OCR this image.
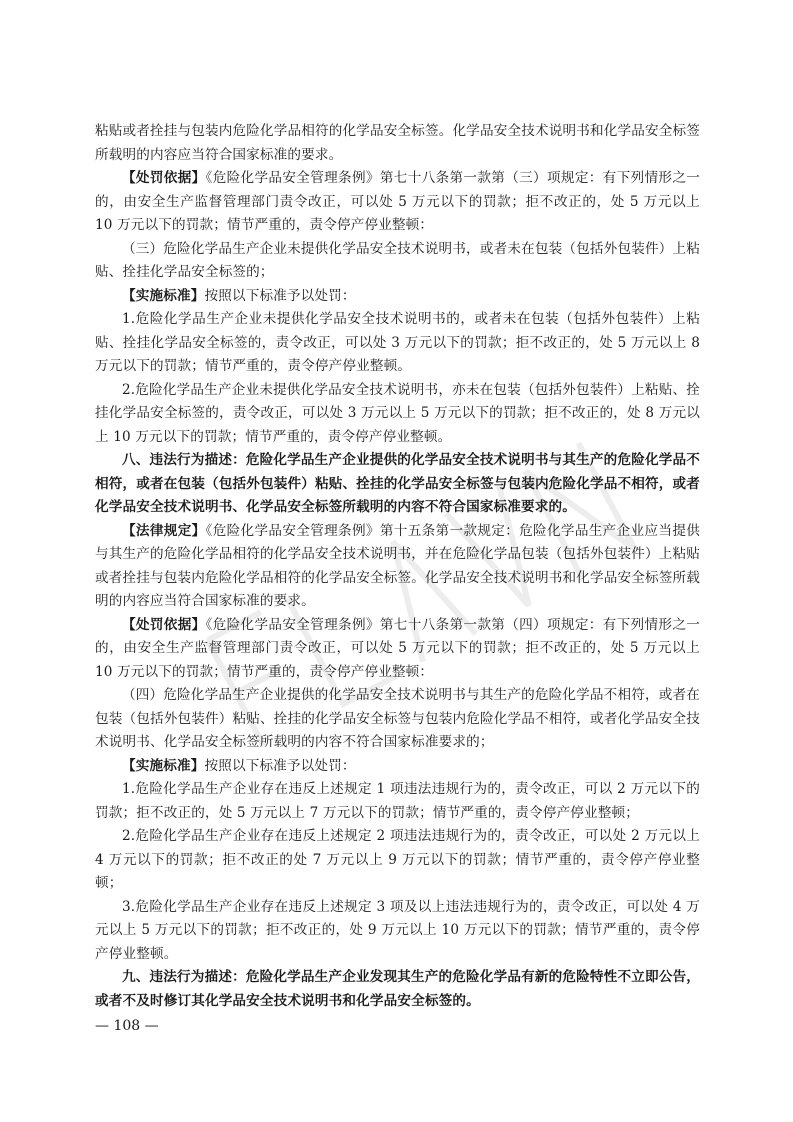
粘贴或者拴挂与包装内危险化学品相符的化学品安全标签。化学品安全技术说明书和化学品安全标签所载明的内容应当符合国家标准的要求。

【处罚依据】《危险化学品安全管理条例》第七十八条第一款第（三）项规定：有下列情形之一的，由安全生产监督管理部门责令改正，可以处 5 万元以下的罚款；拒不改正的，处 5 万元以上 10 万元以下的罚款；情节严重的，责令停产停业整顿：

（三）危险化学品生产企业未提供化学品安全技术说明书，或者未在包装（包括外包装件）上粘贴、拴挂化学品安全标签的；

【实施标准】按照以下标准予以处罚：

1.危险化学品生产企业未提供化学品安全技术说明书的，或者未在包装（包括外包装件）上粘贴、拴挂化学品安全标签的，责令改正，可以处 3 万元以下的罚款；拒不改正的，处 5 万元以上 8 万元以下的罚款；情节严重的，责令停产停业整顿。

2.危险化学品生产企业未提供化学品安全技术说明书，亦未在包装（包括外包装件）上粘贴、拴挂化学品安全标签的，责令改正，可以处 3 万元以上 5 万元以下的罚款；拒不改正的，处 8 万元以上 10 万元以下的罚款；情节严重的，责令停产停业整顿。

八、违法行为描述：危险化学品生产企业提供的化学品安全技术说明书与其生产的危险化学品不相符，或者在包装（包括外包装件）粘贴、拴挂的化学品安全标签与包装内危险化学品不相符，或者化学品安全技术说明书、化学品安全标签所载明的内容不符合国家标准要求的。

【法律规定】《危险化学品安全管理条例》第十五条第一款规定：危险化学品生产企业应当提供与其生产的危险化学品相符的化学品安全技术说明书，并在危险化学品包装（包括外包装件）上粘贴或者拴挂与包装内危险化学品相符的化学品安全标签。化学品安全技术说明书和化学品安全标签所载明的内容应当符合国家标准的要求。

【处罚依据】《危险化学品安全管理条例》第七十八条第一款第（四）项规定：有下列情形之一的，由安全生产监督管理部门责令改正，可以处 5 万元以下的罚款；拒不改正的，处 5 万元以上 10 万元以下的罚款；情节严重的，责令停产停业整顿：

（四）危险化学品生产企业提供的化学品安全技术说明书与其生产的危险化学品不相符，或者在包装（包括外包装件）粘贴、拴挂的化学品安全标签与包装内危险化学品不相符，或者化学品安全技术说明书、化学品安全标签所载明的内容不符合国家标准要求的；

【实施标准】按照以下标准予以处罚：

1.危险化学品生产企业存在违反上述规定 1 项违法违规行为的，责令改正，可以 2 万元以下的罚款；拒不改正的，处 5 万元以上 7 万元以下的罚款；情节严重的，责令停产停业整顿；

2.危险化学品生产企业存在违反上述规定 2 项违法违规行为的，责令改正，可以处 2 万元以上 4 万元以下的罚款；拒不改正的处 7 万元以上 9 万元以下的罚款；情节严重的，责令停产停业整顿；

3.危险化学品生产企业存在违反上述规定 3 项及以上违法违规行为的，责令改正，可以处 4 万元以上 5 万元以下的罚款；拒不改正的，处 9 万元以上 10 万元以下的罚款；情节严重的，责令停产停业整顿。

九、违法行为描述：危险化学品生产企业发现其生产的危险化学品有新的危险特性不立即公告，或者不及时修订其化学品安全技术说明书和化学品安全标签的。

— 108 —
